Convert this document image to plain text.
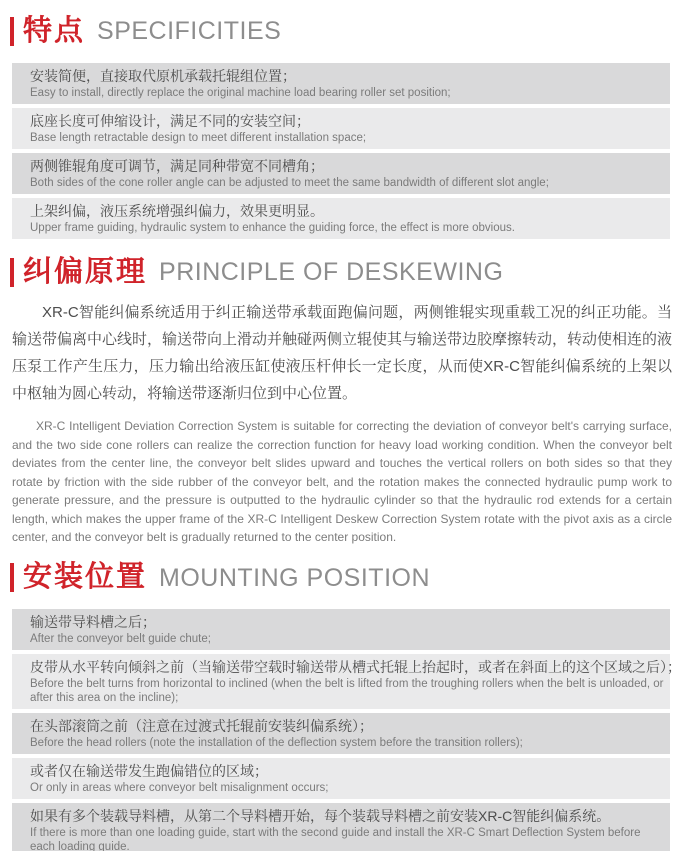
特点 SPECIFICITIES

安装简便，直接取代原机承载托辊组位置；

Easy to install, directly replace the original machine load bearing roller set position;

底座长度可伸缩设计，满足不同的安装空间；

Base length retractable design to meet different installation space;

两侧锥辊角度可调节，满足同种带宽不同槽角；

Both sides of the cone roller angle can be adjusted to meet the same bandwidth of different slot angle;

上架纠偏，液压系统增强纠偏力，效果更明显。

Upper frame guiding, hydraulic system to enhance the guiding force, the effect is more obvious.

纠偏原理 PRINCIPLE OF DESKEWING

XR-C智能纠偏系统适用于纠正输送带承载面跑偏问题，两侧锥辊实现重载工况的纠正功能。当输送带偏离中心线时，输送带向上滑动并触碰两侧立辊使其与输送带边胶摩擦转动，转动使相连的液压泵工作产生压力，压力输出给液压缸使液压杆伸长一定长度，从而使XR-C智能纠偏系统的上架以中枢轴为圆心转动，将输送带逐渐归位到中心位置。

XR-C Intelligent Deviation Correction System is suitable for correcting the deviation of conveyor belt's carrying surface, and the two side cone rollers can realize the correction function for heavy load working condition. When the conveyor belt deviates from the center line, the conveyor belt slides upward and touches the vertical rollers on both sides so that they rotate by friction with the side rubber of the conveyor belt, and the rotation makes the connected hydraulic pump work to generate pressure, and the pressure is outputted to the hydraulic cylinder so that the hydraulic rod extends for a certain length, which makes the upper frame of the XR-C Intelligent Deskew Correction System rotate with the pivot axis as a circle center, and the conveyor belt is gradually returned to the center position.

安装位置 MOUNTING POSITION

输送带导料槽之后；

After the conveyor belt guide chute;

皮带从水平转向倾斜之前（当输送带空载时输送带从槽式托辊上抬起时，或者在斜面上的这个区域之后）；

Before the belt turns from horizontal to inclined (when the belt is lifted from the troughing rollers when the belt is unloaded, or after this area on the incline);

在头部滚筒之前（注意在过渡式托辊前安装纠偏系统）；

Before the head rollers (note the installation of the deflection system before the transition rollers);

或者仅在输送带发生跑偏错位的区域；

Or only in areas where conveyor belt misalignment occurs;

如果有多个装载导料槽，从第二个导料槽开始，每个装载导料槽之前安装XR-C智能纠偏系统。

If there is more than one loading guide, start with the second guide and install the XR-C Smart Deflection System before each loading guide.
